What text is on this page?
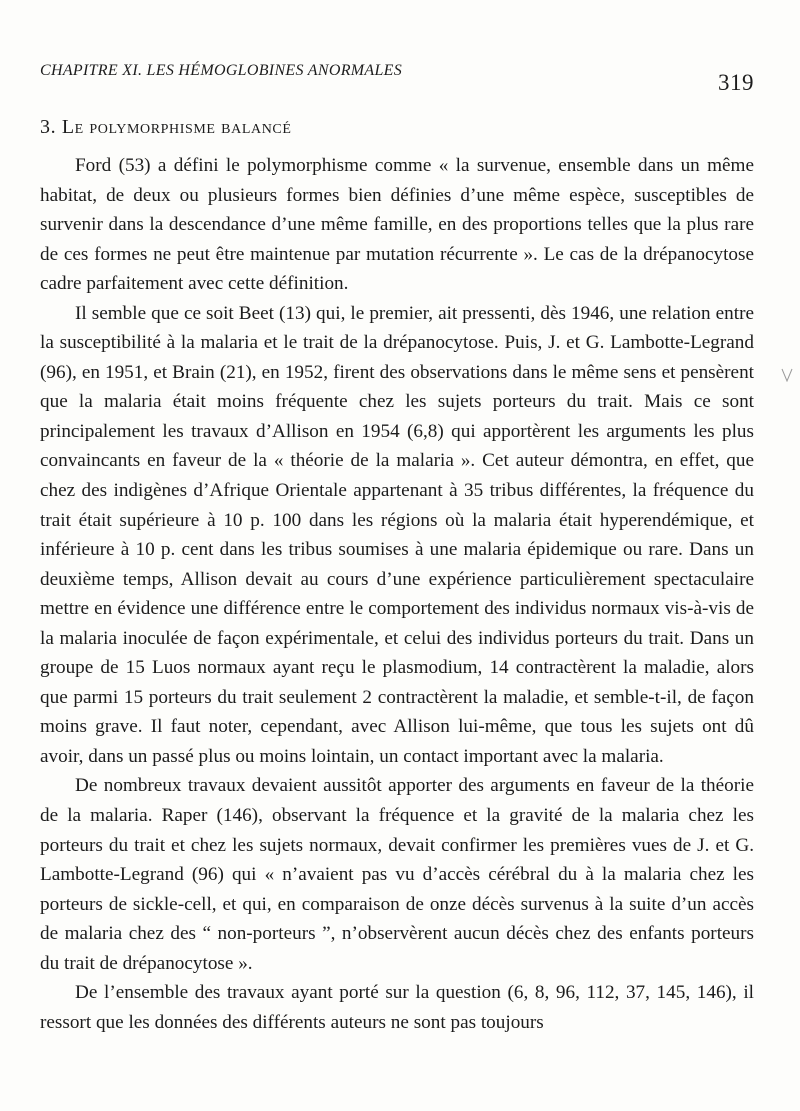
CHAPITRE XI. LES HÉMOGLOBINES ANORMALES	319
3. Le polymorphisme balancé

Ford (53) a défini le polymorphisme comme « la survenue, ensemble dans un même habitat, de deux ou plusieurs formes bien définies d’une même espèce, susceptibles de survenir dans la descendance d’une même famille, en des proportions telles que la plus rare de ces formes ne peut être maintenue par mutation récurrente ». Le cas de la drépanocytose cadre parfaitement avec cette définition.

Il semble que ce soit Beet (13) qui, le premier, ait pressenti, dès 1946, une relation entre la susceptibilité à la malaria et le trait de la drépanocytose. Puis, J. et G. Lambotte-Legrand (96), en 1951, et Brain (21), en 1952, firent des observations dans le même sens et pensèrent que la malaria était moins fréquente chez les sujets porteurs du trait. Mais ce sont principalement les travaux d’Allison en 1954 (6,8) qui apportèrent les arguments les plus convaincants en faveur de la « théorie de la malaria ». Cet auteur démontra, en effet, que chez des indigènes d’Afrique Orientale appartenant à 35 tribus différentes, la fréquence du trait était supérieure à 10 p. 100 dans les régions où la malaria était hyperendémique, et inférieure à 10 p. cent dans les tribus soumises à une malaria épidemique ou rare. Dans un deuxième temps, Allison devait au cours d’une expérience particulièrement spectaculaire mettre en évidence une différence entre le comportement des individus normaux vis-à-vis de la malaria inoculée de façon expérimentale, et celui des individus porteurs du trait. Dans un groupe de 15 Luos normaux ayant reçu le plasmodium, 14 contractèrent la maladie, alors que parmi 15 porteurs du trait seulement 2 contractèrent la maladie, et semble-t-il, de façon moins grave. Il faut noter, cependant, avec Allison lui-même, que tous les sujets ont dû avoir, dans un passé plus ou moins lointain, un contact important avec la malaria.

De nombreux travaux devaient aussitôt apporter des arguments en faveur de la théorie de la malaria. Raper (146), observant la fréquence et la gravité de la malaria chez les porteurs du trait et chez les sujets normaux, devait confirmer les premières vues de J. et G. Lambotte-Legrand (96) qui « n’avaient pas vu d’accès cérébral du à la malaria chez les porteurs de sickle-cell, et qui, en comparaison de onze décès survenus à la suite d’un accès de malaria chez des “ non-porteurs ”, n’observèrent aucun décès chez des enfants porteurs du trait de drépanocytose ».

De l’ensemble des travaux ayant porté sur la question (6, 8, 96, 112, 37, 145, 146), il ressort que les données des différents auteurs ne sont pas toujours
